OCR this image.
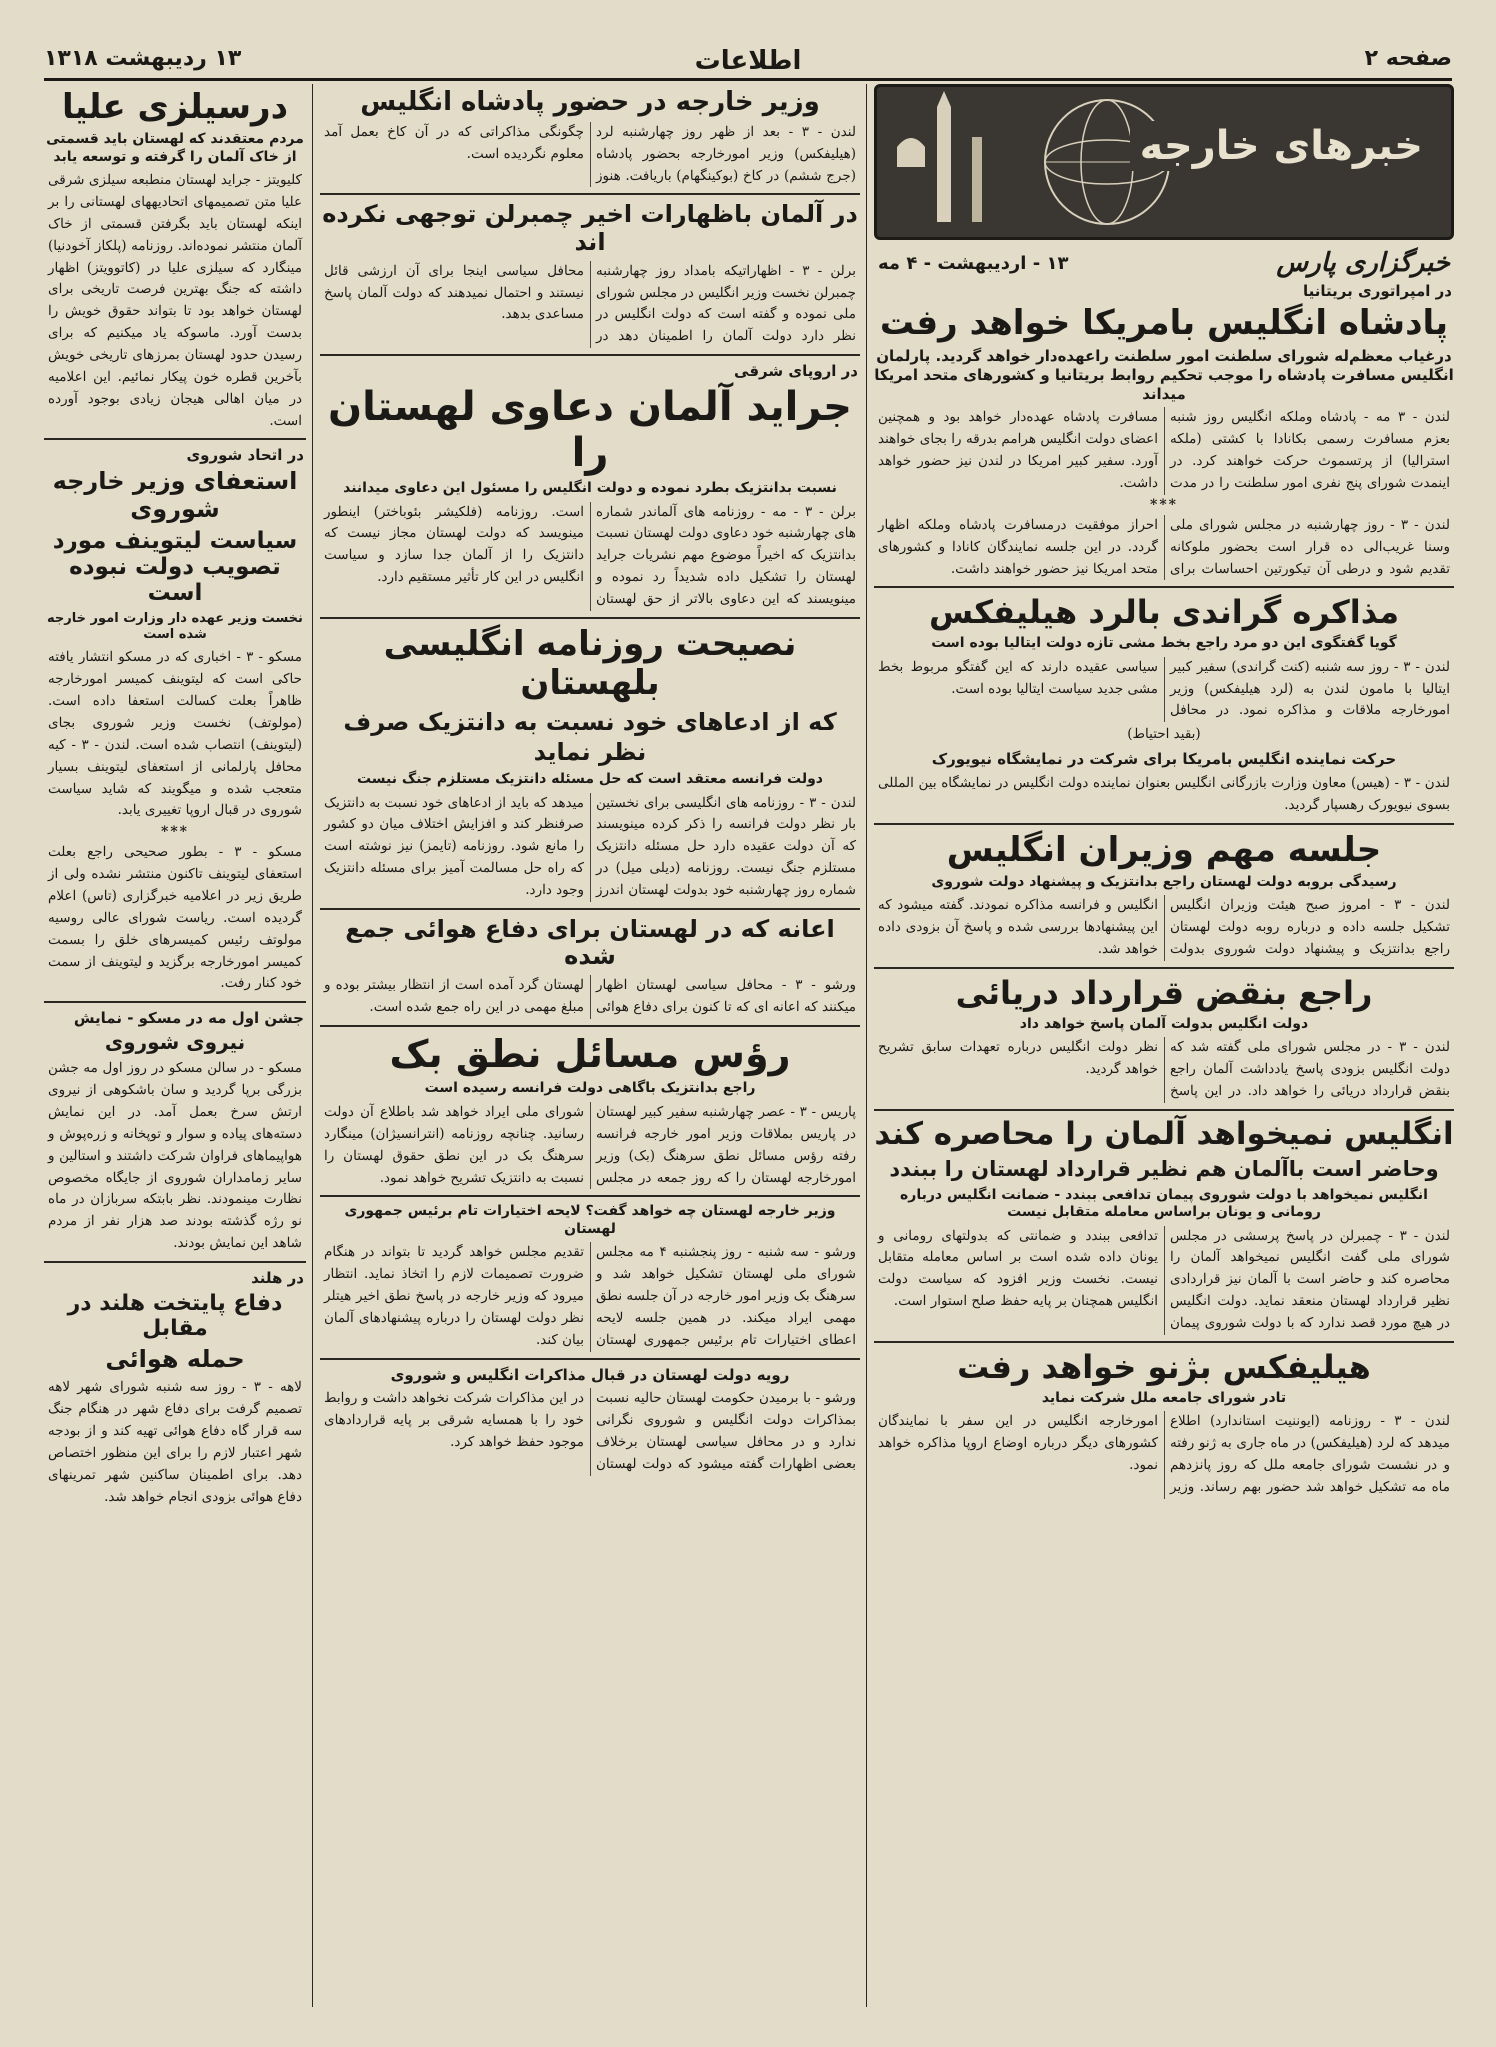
صفحه ۲
اطلاعات
۱۳ ردیبهشت ۱۳۱۸
خبرهای خارجه
خبرگزاری پارس
۱۳ - اردیبهشت - ۴ مه
در امپراتوری بریتانیا
پادشاه انگلیس بامریکا خواهد رفت
درغیاب معظم‌له شورای سلطنت امور سلطنت راعهده‌دار خواهد گردید. پارلمان انگلیس مسافرت پادشاه را موجب تحکیم روابط بریتانیا و کشورهای متحد امریکا میداند
لندن - ۳ مه - پادشاه وملکه انگلیس روز شنبه بعزم مسافرت رسمی بکانادا با کشتی (ملکه استرالیا) از پرتسموث حرکت خواهند کرد. در اینمدت شورای پنج نفری امور سلطنت را در مدت مسافرت پادشاه عهده‌دار خواهد بود و همچنین اعضای دولت انگلیس هرامم بدرقه را بجای خواهند آورد. سفیر کبیر امریکا در لندن نیز حضور خواهد داشت.
***
لندن - ۳ - روز چهارشنبه در مجلس شورای ملی وسنا غریب‌الی ده قرار است بحضور ملوکانه تقدیم شود و درطی آن تیکورتین احساسات برای احراز موفقیت درمسافرت پادشاه وملکه اظهار گردد. در این جلسه نمایندگان کانادا و کشورهای متحد امریکا نیز حضور خواهند داشت.
مذاکره گراندی بالرد هیلیفکس
گویا گفتگوی این دو مرد راجع بخط مشی تازه دولت ایتالیا بوده است
لندن - ۳ - روز سه شنبه (کنت گراندی) سفیر کبیر ایتالیا با مامون لندن به (لرد هیلیفکس) وزیر امورخارجه ملاقات و مذاکره نمود. در محافل سیاسی عقیده دارند که این گفتگو مربوط بخط مشی جدید سیاست ایتالیا بوده است.
(بقید احتیاط)
حرکت نماینده انگلیس بامریکا برای شرکت در نمایشگاه نیویورک
لندن - ۳ - (هیس) معاون وزارت بازرگانی انگلیس بعنوان نماینده دولت انگلیس در نمایشگاه بین المللی بسوی نیویورک رهسپار گردید.
جلسه مهم وزیران انگلیس
رسیدگی بروبه دولت لهستان راجع بدانتزیک و پیشنهاد دولت شوروی
لندن - ۳ - امروز صبح هیئت وزیران انگلیس تشکیل جلسه داده و درباره روبه دولت لهستان راجع بدانتزیک و پیشنهاد دولت شوروی بدولت انگلیس و فرانسه مذاکره نمودند. گفته میشود که این پیشنهادها بررسی شده و پاسخ آن بزودی داده خواهد شد.
راجع بنقض قرارداد دریائی
دولت انگلیس بدولت آلمان پاسخ خواهد داد
لندن - ۳ - در مجلس شورای ملی گفته شد که دولت انگلیس بزودی پاسخ یادداشت آلمان راجع بنقض قرارداد دریائی را خواهد داد. در این پاسخ نظر دولت انگلیس درباره تعهدات سابق تشریح خواهد گردید.
انگلیس نمیخواهد آلمان را محاصره کند
وحاضر است باآلمان هم نظیر قرارداد لهستان را ببندد
انگلیس نمیخواهد با دولت شوروی پیمان تدافعی ببندد - ضمانت انگلیس درباره رومانی و یونان براساس معامله متقابل نیست
لندن - ۳ - چمبرلن در پاسخ پرسشی در مجلس شورای ملی گفت انگلیس نمیخواهد آلمان را محاصره کند و حاضر است با آلمان نیز قراردادی نظیر قرارداد لهستان منعقد نماید. دولت انگلیس در هیچ مورد قصد ندارد که با دولت شوروی پیمان تدافعی ببندد و ضمانتی که بدولتهای رومانی و یونان داده شده است بر اساس معامله متقابل نیست. نخست وزیر افزود که سیاست دولت انگلیس همچنان بر پایه حفظ صلح استوار است.
هیلیفکس بژنو خواهد رفت
تادر شورای جامعه ملل شرکت نماید
لندن - ۳ - روزنامه (ایوننیت استاندارد) اطلاع میدهد که لرد (هیلیفکس) در ماه جاری به ژنو رفته و در نشست شورای جامعه ملل که روز پانزدهم ماه مه تشکیل خواهد شد حضور بهم رساند. وزیر امورخارجه انگلیس در این سفر با نمایندگان کشورهای دیگر درباره اوضاع اروپا مذاکره خواهد نمود.
وزیر خارجه در حضور پادشاه انگلیس
لندن - ۳ - بعد از ظهر روز چهارشنبه لرد (هیلیفکس) وزیر امورخارجه بحضور پادشاه (جرج ششم) در کاخ (بوکینگهام) باریافت. هنوز چگونگی مذاکراتی که در آن کاخ بعمل آمد معلوم نگردیده است.
در آلمان باظهارات اخیر چمبرلن توجهی نکرده اند
برلن - ۳ - اظهاراتیکه بامداد روز چهارشنبه چمبرلن نخست وزیر انگلیس در مجلس شورای ملی نموده و گفته است که دولت انگلیس در نظر دارد دولت آلمان را اطمینان دهد در محافل سیاسی اینجا برای آن ارزشی قائل نیستند و احتمال نمیدهند که دولت آلمان پاسخ مساعدی بدهد.
در اروپای شرقی
جراید آلمان دعاوی لهستان را
نسبت بدانتزیک بطرد نموده و دولت انگلیس را مسئول این دعاوی میدانند
برلن - ۳ - مه - روزنامه های آلماندر شماره های چهارشنبه خود دعاوی دولت لهستان نسبت بدانتزیک که اخیراً موضوع مهم نشریات جراید لهستان را تشکیل داده شدیداً رد نموده و مینویسند که این دعاوی بالاتر از حق لهستان است. روزنامه (فلکیشر بئوباختر) اینطور مینویسد که دولت لهستان مجاز نیست که دانتزیک را از آلمان جدا سازد و سیاست انگلیس در این کار تأثیر مستقیم دارد.
نصیحت روزنامه انگلیسی بلهستان
که از ادعاهای خود نسبت به دانتزیک صرف نظر نماید
دولت فرانسه معتقد است که حل مسئله دانتزیک مستلزم جنگ نیست
لندن - ۳ - روزنامه های انگلیسی برای نخستین بار نظر دولت فرانسه را ذکر کرده مینویسند که آن دولت عقیده دارد حل مسئله دانتزیک مستلزم جنگ نیست. روزنامه (دیلی میل) در شماره روز چهارشنبه خود بدولت لهستان اندرز میدهد که باید از ادعاهای خود نسبت به دانتزیک صرفنظر کند و افزایش اختلاف میان دو کشور را مانع شود. روزنامه (تایمز) نیز نوشته است که راه حل مسالمت آمیز برای مسئله دانتزیک وجود دارد.
اعانه که در لهستان برای دفاع هوائی جمع شده
ورشو - ۳ - محافل سیاسی لهستان اظهار میکنند که اعانه ای که تا کنون برای دفاع هوائی لهستان گرد آمده است از انتظار بیشتر بوده و مبلغ مهمی در این راه جمع شده است.
رؤس مسائل نطق بک
راجع بدانتزیک باگاهی دولت فرانسه رسیده است
پاریس - ۳ - عصر چهارشنبه سفیر کبیر لهستان در پاریس بملاقات وزیر امور خارجه فرانسه رفته رؤس مسائل نطق سرهنگ (بک) وزیر امورخارجه لهستان را که روز جمعه در مجلس شورای ملی ایراد خواهد شد باطلاع آن دولت رسانید. چنانچه روزنامه (انترانسیژان) مینگارد سرهنگ بک در این نطق حقوق لهستان را نسبت به دانتزیک تشریح خواهد نمود.
وزیر خارجه لهستان چه خواهد گفت؟ لایحه اختیارات تام برئیس جمهوری لهستان
ورشو - سه شنبه - روز پنجشنبه ۴ مه مجلس شورای ملی لهستان تشکیل خواهد شد و سرهنگ بک وزیر امور خارجه در آن جلسه نطق مهمی ایراد میکند. در همین جلسه لایحه اعطای اختیارات تام برئیس جمهوری لهستان تقدیم مجلس خواهد گردید تا بتواند در هنگام ضرورت تصمیمات لازم را اتخاذ نماید. انتظار میرود که وزیر خارجه در پاسخ نطق اخیر هیتلر نظر دولت لهستان را درباره پیشنهادهای آلمان بیان کند.
رویه دولت لهستان در قبال مذاکرات انگلیس و شوروی
ورشو - با برمیدن حکومت لهستان حالیه نسبت بمذاکرات دولت انگلیس و شوروی نگرانی ندارد و در محافل سیاسی لهستان برخلاف بعضی اظهارات گفته میشود که دولت لهستان در این مذاکرات شرکت نخواهد داشت و روابط خود را با همسایه شرقی بر پایه قراردادهای موجود حفظ خواهد کرد.
درسیلزی علیا
مردم معتقدند که لهستان باید قسمتی از خاک آلمان را گرفته و توسعه یابد
کلیویتز - جراید لهستان منطبعه سیلزی شرقی علیا متن تصمیمهای اتحادیههای لهستانی را بر اینکه لهستان باید بگرفتن قسمتی از خاک آلمان منتشر نموده‌اند. روزنامه (پلکاز آخودنیا) مینگارد که سیلزی علیا در (کاتوویتز) اظهار داشته که جنگ بهترین فرصت تاریخی برای لهستان خواهد بود تا بتواند حقوق خویش را بدست آورد. ماسوکه یاد میکنیم که برای رسیدن حدود لهستان بمرزهای تاریخی خویش بآخرین قطره خون پیکار نمائیم. این اعلامیه در میان اهالی هیجان زیادی بوجود آورده است.
در اتحاد شوروی
استعفای وزیر خارجه شوروی
سیاست لیتوینف مورد تصویب دولت نبوده است
نخست وزیر عهده دار وزارت امور خارجه شده است
مسکو - ۳ - اخباری که در مسکو انتشار یافته حاکی است که لیتوینف کمیسر امورخارجه ظاهراً بعلت کسالت استعفا داده است. (مولوتف) نخست وزیر شوروی بجای (لیتوینف) انتصاب شده است. لندن - ۳ - کیه محافل پارلمانی از استعفای لیتوینف بسیار متعجب شده و میگویند که شاید سیاست شوروی در قبال اروپا تغییری یابد.
***
مسکو - ۳ - بطور صحیحی راجع بعلت استعفای لیتوینف تاکنون منتشر نشده ولی از طریق زیر در اعلامیه خبرگزاری (تاس) اعلام گردیده است. ریاست شورای عالی روسیه مولوتف رئیس کمیسرهای خلق را بسمت کمیسر امورخارجه برگزید و لیتوینف از سمت خود کنار رفت.
جشن اول مه در مسکو - نمایش
نیروی شوروی
مسکو - در سالن مسکو در روز اول مه جشن بزرگی برپا گردید و سان باشکوهی از نیروی ارتش سرخ بعمل آمد. در این نمایش دسته‌های پیاده و سوار و توپخانه و زره‌پوش و هواپیماهای فراوان شرکت داشتند و استالین و سایر زمامداران شوروی از جایگاه مخصوص نظارت مینمودند. نظر بابتکه سربازان در ماه نو رژه گذشته بودند صد هزار نفر از مردم شاهد این نمایش بودند.
در هلند
دفاع پایتخت هلند در مقابل
حمله هوائی
لاهه - ۳ - روز سه شنبه شورای شهر لاهه تصمیم گرفت برای دفاع شهر در هنگام جنگ سه قرار گاه دفاع هوائی تهیه کند و از بودجه شهر اعتبار لازم را برای این منظور اختصاص دهد. برای اطمینان ساکنین شهر تمرینهای دفاع هوائی بزودی انجام خواهد شد.
